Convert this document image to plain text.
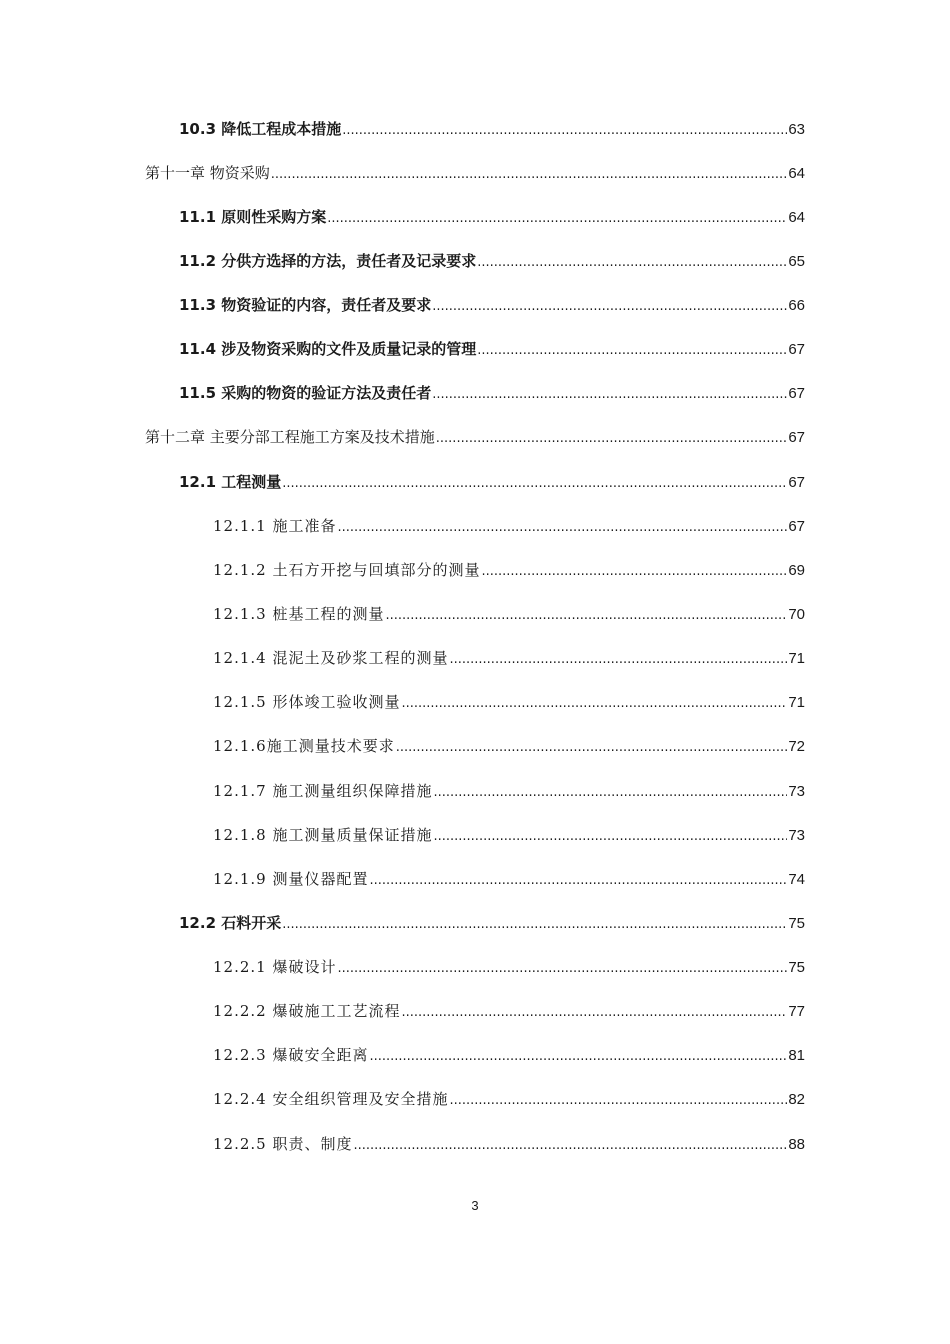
10.3 降低工程成本措施 .....	63
第十一章 物资采购 .....	64
11.1 原则性采购方案 .....	64
11.2 分供方选择的方法，责任者及记录要求 .....	65
11.3 物资验证的内容，责任者及要求 .....	66
11.4 涉及物资采购的文件及质量记录的管理 .....	67
11.5 采购的物资的验证方法及责任者 .....	67
第十二章 主要分部工程施工方案及技术措施 .....	67
12.1 工程测量 .....	67
12.1.1 施工准备 .....	67
12.1.2 土石方开挖与回填部分的测量 .....	69
12.1.3 桩基工程的测量 .....	70
12.1.4 混泥土及砂浆工程的测量 .....	71
12.1.5 形体竣工验收测量 .....	71
12.1.6施工测量技术要求 .....	72
12.1.7 施工测量组织保障措施 .....	73
12.1.8 施工测量质量保证措施 .....	73
12.1.9 测量仪器配置 .....	74
12.2 石料开采 .....	75
12.2.1 爆破设计 .....	75
12.2.2 爆破施工工艺流程 .....	77
12.2.3 爆破安全距离 .....	81
12.2.4 安全组织管理及安全措施 .....	82
12.2.5 职责、制度 .....	88
3
